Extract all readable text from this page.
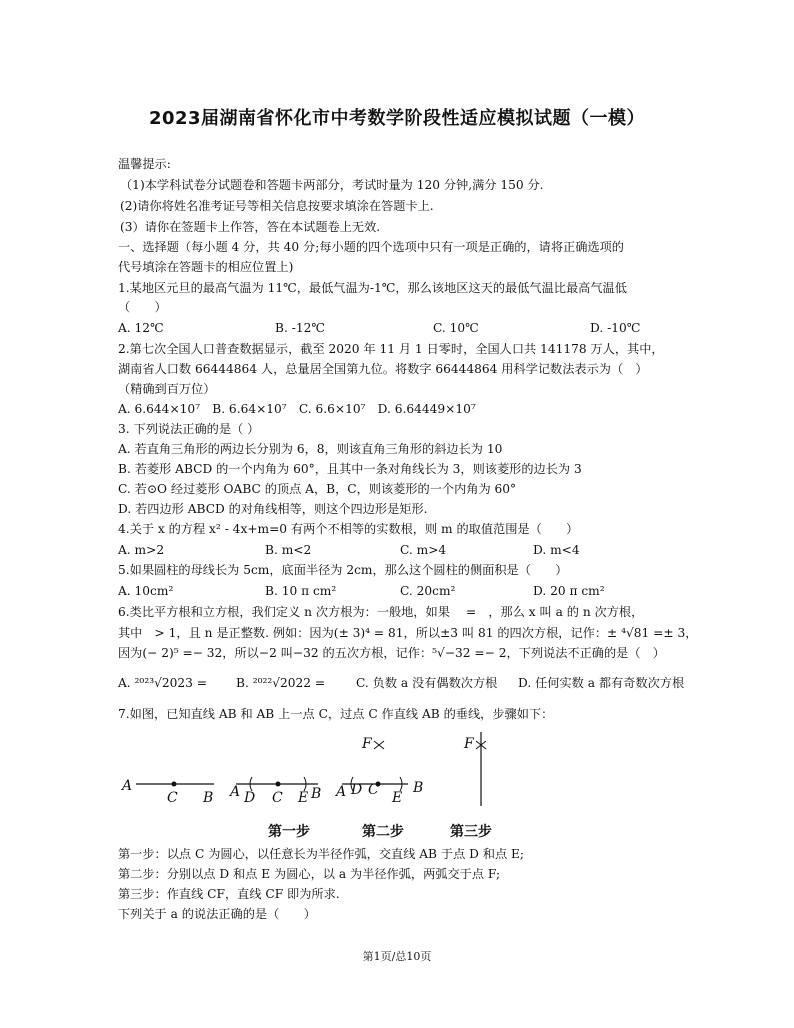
2023届湖南省怀化市中考数学阶段性适应模拟试题（一模）
温馨提示:
（1)本学科试卷分试题卷和答题卡两部分，考试时量为 120 分钟,满分 150 分.
(2)请你将姓名准考证号等相关信息按要求填涂在答题卡上.
(3）请你在签题卡上作答，答在本试题卷上无效.
一、选择题（每小题 4 分，共 40 分;每小题的四个选项中只有一项是正确的，请将正确选项的
代号填涂在答题卡的相应位置上)
1.某地区元旦的最高气温为 11℃，最低气温为-1℃，那么该地区这天的最低气温比最高气温低
（　　）
A. 12℃	B. -12℃	C. 10℃	D. -10℃
2.第七次全国人口普查数据显示，截至 2020 年 11 月 1 日零时，全国人口共 141178 万人，其中，
湖南省人口数 66444864 人，总量居全国第九位。将数字 66444864 用科学记数法表示为（　）
（精确到百万位）
A. 6.644×10⁷　B. 6.64×10⁷　C. 6.6×10⁷　D. 6.64449×10⁷
3. 下列说法正确的是（ ）
A. 若直角三角形的两边长分别为 6，8，则该直角三角形的斜边长为 10
B. 若菱形 ABCD 的一个内角为 60°，且其中一条对角线长为 3，则该菱形的边长为 3
C. 若⊙O 经过菱形 OABC 的顶点 A，B，C，则该菱形的一个内角为 60°
D. 若四边形 ABCD 的对角线相等，则这个四边形是矩形.
4.关于 x 的方程 x² - 4x+m=0 有两个不相等的实数根，则 m 的取值范围是（　　）
A. m>2	B. m<2	C. m>4	D. m<4
5.如果圆柱的母线长为 5cm，底面半径为 2cm，那么这个圆柱的侧面积是（　　）
A. 10cm²	B. 10 π cm²	C. 20cm²	D. 20 π cm²
6.类比平方根和立方根，我们定义 n 次方根为：一般地，如果　 =　，那么 x 叫 a 的 n 次方根，
其中　> 1，且 n 是正整数. 例如：因为(± 3)⁴ = 81，所以±3 叫 81 的四次方根，记作：± ⁴√81 =± 3，
因为(− 2)⁵ =− 32，所以−2 叫−32 的五次方根，记作：⁵√−32 =− 2，下列说法不正确的是（　）
A. ²⁰²³√2023 = B. ²⁰²²√2022 =	C. 负数 a 没有偶数次方根 D. 任何实数 a 都有奇数次方根
7.如图，已知直线 AB 和 AB 上一点 C，过点 C 作直线 AB 的垂线，步骤如下：
A
C B A D C E B A D C E
B
F	F
第一步	第二步	第三步
第一步：以点 C 为圆心，以任意长为半径作弧，交直线 AB 于点 D 和点 E;
第二步：分别以点 D 和点 E 为圆心，以 a 为半径作弧，两弧交于点 F;
第三步：作直线 CF，直线 CF 即为所求.
下列关于 a 的说法正确的是（　　）
第1页/总10页
